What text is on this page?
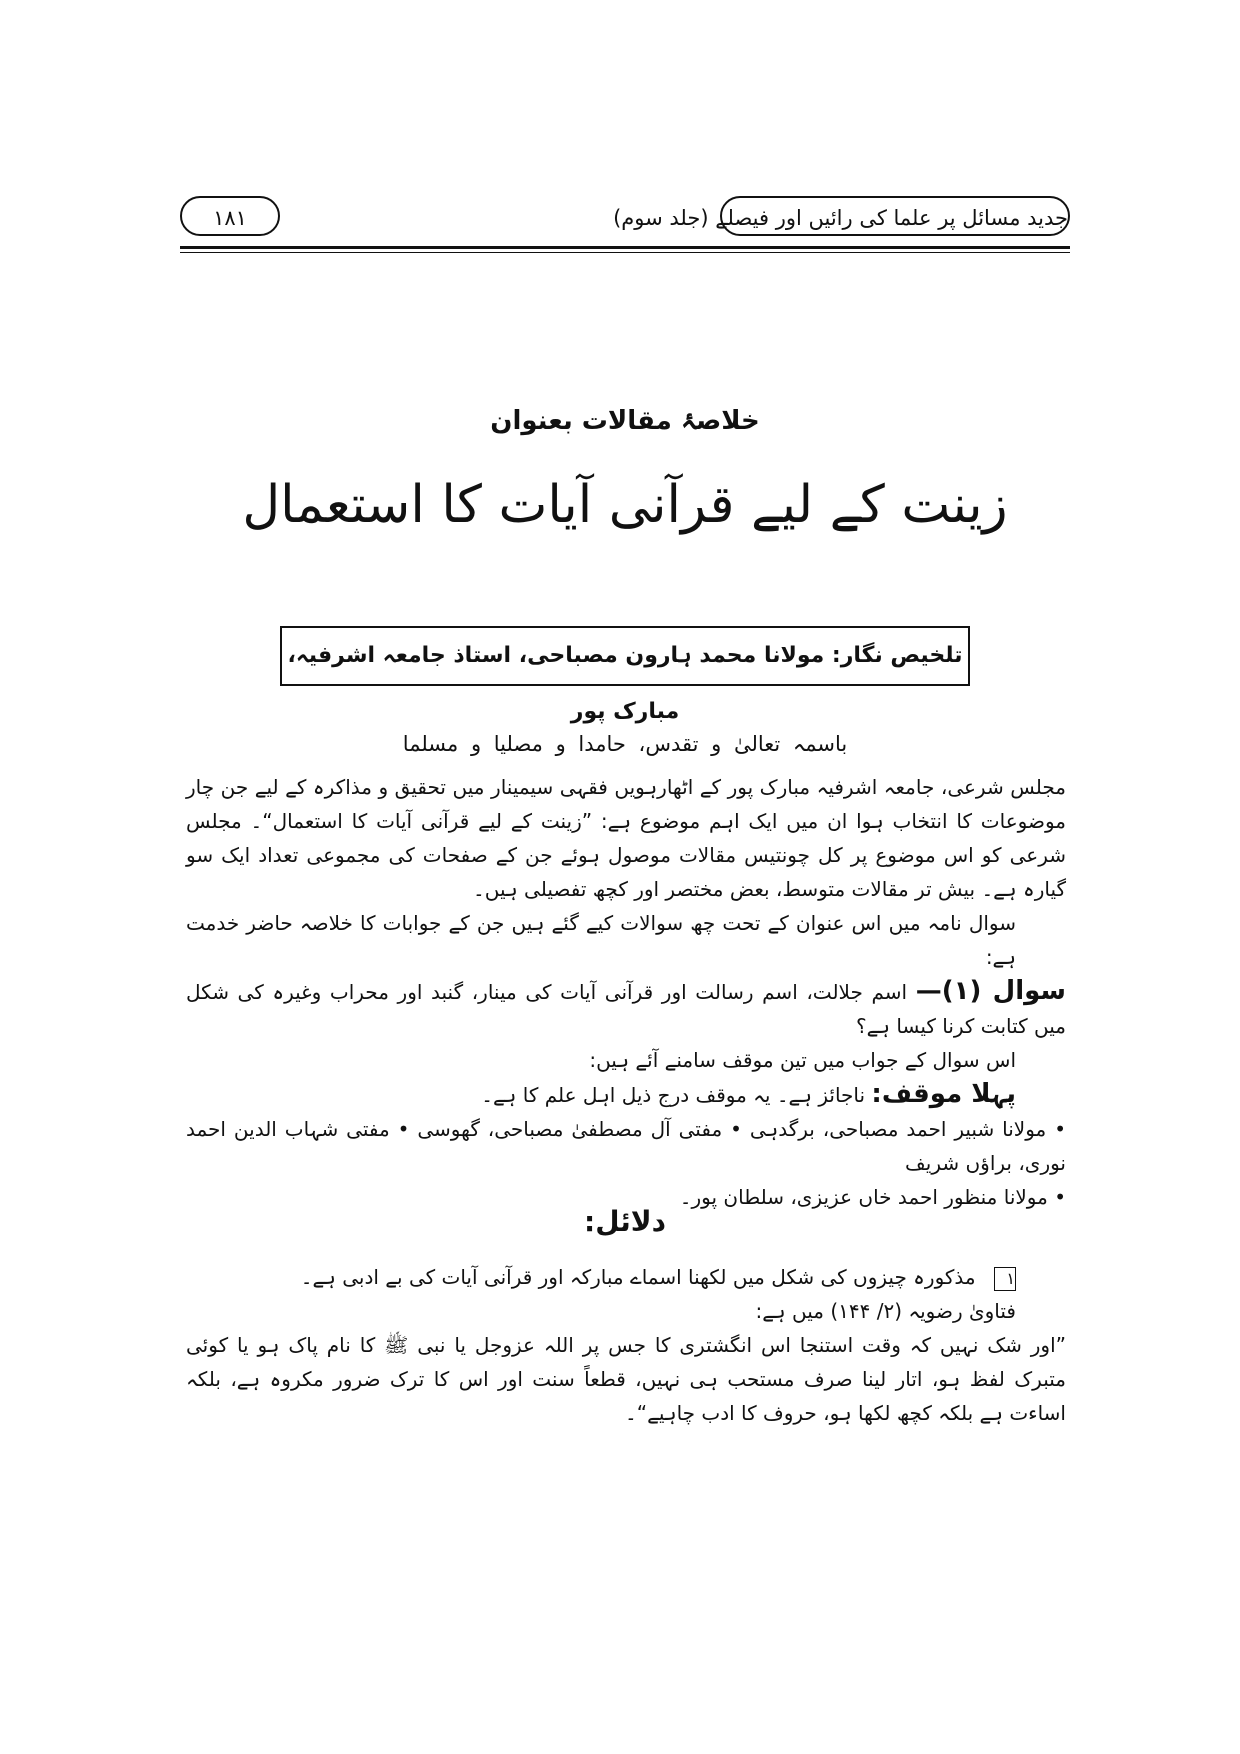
۱۸۱	جدید مسائل پر علما کی رائیں اور فیصلے (جلد سوم)
خلاصۂ مقالات بعنوان
زینت کے لیے قرآنی آیات کا استعمال
تلخیص نگار: مولانا محمد ہارون مصباحی، استاذ جامعہ اشرفیہ، مبارک پور
باسمہ تعالیٰ و تقدس، حامدا و مصلیا و مسلما

مجلس شرعی، جامعہ اشرفیہ مبارک پور کے اٹھارہویں فقہی سیمینار میں تحقیق و مذاکرہ کے لیے جن چار موضوعات کا انتخاب ہوا ان میں ایک اہم موضوع ہے: ”زینت کے لیے قرآنی آیات کا استعمال“۔ مجلس شرعی کو اس موضوع پر کل چونتیس مقالات موصول ہوئے جن کے صفحات کی مجموعی تعداد ایک سو گیارہ ہے۔ بیش تر مقالات متوسط، بعض مختصر اور کچھ تفصیلی ہیں۔

سوال نامہ میں اس عنوان کے تحت چھ سوالات کیے گئے ہیں جن کے جوابات کا خلاصہ حاضر خدمت ہے:

سوال (۱)— اسم جلالت، اسم رسالت اور قرآنی آیات کی مینار، گنبد اور محراب وغیرہ کی شکل میں کتابت کرنا کیسا ہے؟

اس سوال کے جواب میں تین موقف سامنے آئے ہیں:

پہلا موقف: ناجائز ہے۔ یہ موقف درج ذیل اہل علم کا ہے۔

• مولانا شبیر احمد مصباحی، برگدہی • مفتی آل مصطفیٰ مصباحی، گھوسی • مفتی شہاب الدین احمد نوری، براؤں شریف

• مولانا منظور احمد خاں عزیزی، سلطان پور۔

دلائل:

۱ مذکورہ چیزوں کی شکل میں لکھنا اسماے مبارکہ اور قرآنی آیات کی بے ادبی ہے۔

فتاویٰ رضویہ (۲/ ۱۴۴) میں ہے:

”اور شک نہیں کہ وقت استنجا اس انگشتری کا جس پر اللہ عزوجل یا نبی ﷺ کا نام پاک ہو یا کوئی متبرک لفظ ہو، اتار لینا صرف مستحب ہی نہیں، قطعاً سنت اور اس کا ترک ضرور مکروہ ہے، بلکہ اساءت ہے بلکہ کچھ لکھا ہو، حروف کا ادب چاہیے“۔
